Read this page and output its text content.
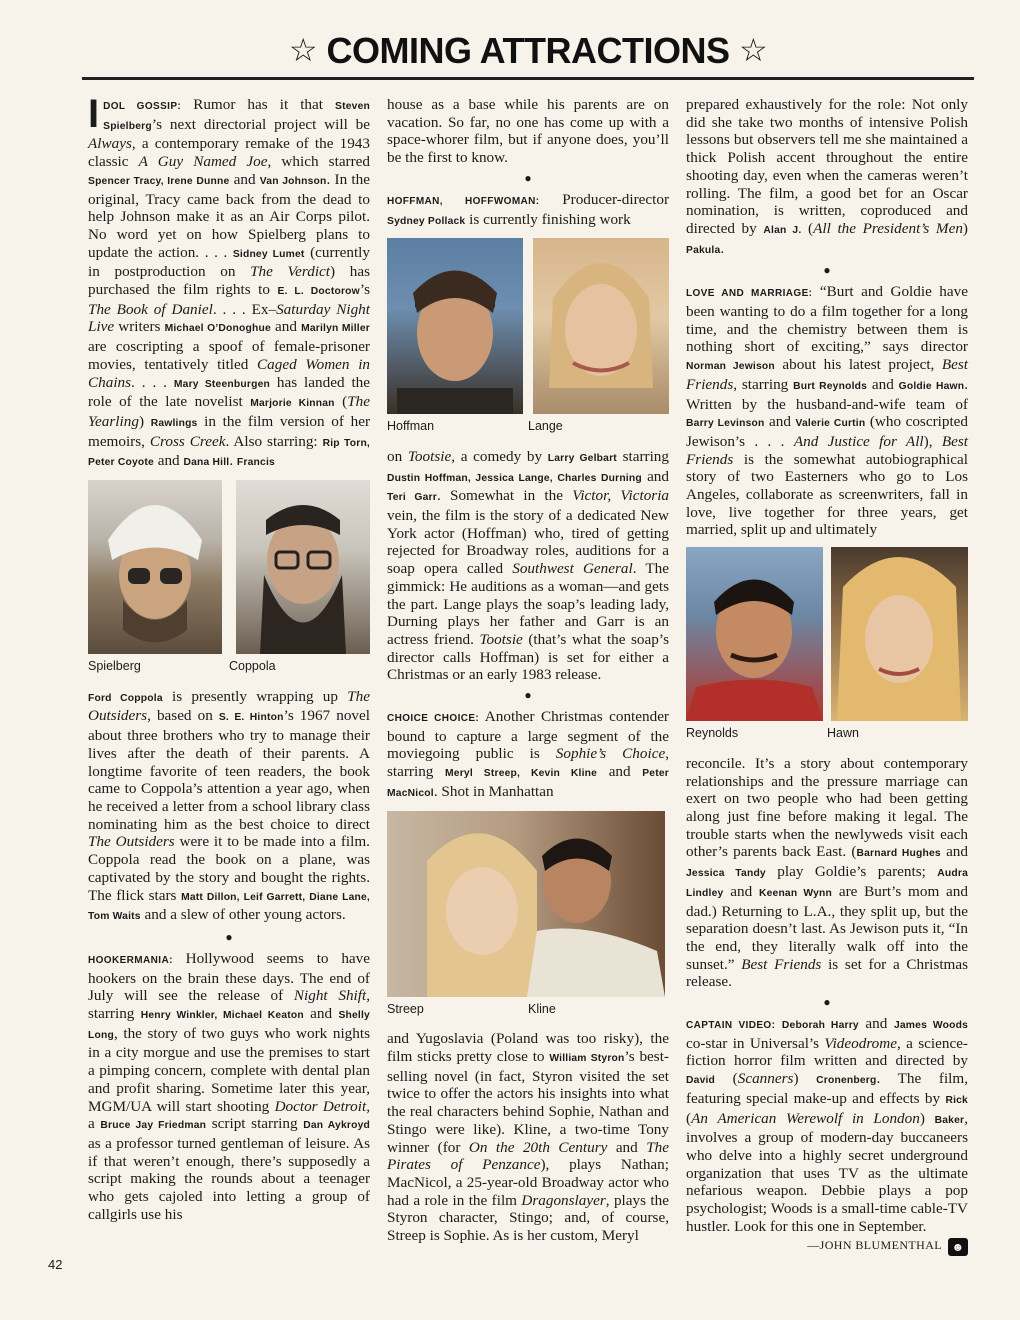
☆ COMING ATTRACTIONS ☆

IDOL GOSSIP: Rumor has it that Steven Spielberg’s next directorial project will be Always, a contemporary remake of the 1943 classic A Guy Named Joe, which starred Spencer Tracy, Irene Dunne and Van Johnson. In the original, Tracy came back from the dead to help Johnson make it as an Air Corps pilot. No word yet on how Spielberg plans to update the action. . . . Sidney Lumet (currently in postproduction on The Verdict) has purchased the film rights to E. L. Doctorow’s The Book of Daniel. . . . Ex–Saturday Night Live writers Michael O’Donoghue and Marilyn Miller are coscripting a spoof of female-prisoner movies, tentatively titled Caged Women in Chains. . . . Mary Steenburgen has landed the role of the late novelist Marjorie Kinnan (The Yearling) Rawlings in the film version of her memoirs, Cross Creek. Also starring: Rip Torn, Peter Coyote and Dana Hill. Francis

Spielberg	Coppola

Ford Coppola is presently wrapping up The Outsiders, based on S. E. Hinton’s 1967 novel about three brothers who try to manage their lives after the death of their parents. A longtime favorite of teen readers, the book came to Coppola’s attention a year ago, when he received a letter from a school library class nominating him as the best choice to direct The Outsiders were it to be made into a film. Coppola read the book on a plane, was captivated by the story and bought the rights. The flick stars Matt Dillon, Leif Garrett, Diane Lane, Tom Waits and a slew of other young actors.

●

HOOKERMANIA: Hollywood seems to have hookers on the brain these days. The end of July will see the release of Night Shift, starring Henry Winkler, Michael Keaton and Shelly Long, the story of two guys who work nights in a city morgue and use the premises to start a pimping concern, complete with dental plan and profit sharing. Sometime later this year, MGM/UA will start shooting Doctor Detroit, a Bruce Jay Friedman script starring Dan Aykroyd as a professor turned gentleman of leisure. As if that weren’t enough, there’s supposedly a script making the rounds about a teenager who gets cajoled into letting a group of callgirls use his

house as a base while his parents are on vacation. So far, no one has come up with a space-whorer film, but if anyone does, you’ll be the first to know.

●

HOFFMAN, HOFFWOMAN: Producer-director Sydney Pollack is currently finishing work

Hoffman	Lange

on Tootsie, a comedy by Larry Gelbart starring Dustin Hoffman, Jessica Lange, Charles Durning and Teri Garr. Somewhat in the Victor, Victoria vein, the film is the story of a dedicated New York actor (Hoffman) who, tired of getting rejected for Broadway roles, auditions for a soap opera called Southwest General. The gimmick: He auditions as a woman—and gets the part. Lange plays the soap’s leading lady, Durning plays her father and Garr is an actress friend. Tootsie (that’s what the soap’s director calls Hoffman) is set for either a Christmas or an early 1983 release.

●

CHOICE CHOICE: Another Christmas contender bound to capture a large segment of the moviegoing public is Sophie’s Choice, starring Meryl Streep, Kevin Kline and Peter MacNicol. Shot in Manhattan

Streep	Kline

and Yugoslavia (Poland was too risky), the film sticks pretty close to William Styron’s best-selling novel (in fact, Styron visited the set twice to offer the actors his insights into what the real characters behind Sophie, Nathan and Stingo were like). Kline, a two-time Tony winner (for On the 20th Century and The Pirates of Penzance), plays Nathan; MacNicol, a 25-year-old Broadway actor who had a role in the film Dragonslayer, plays the Styron character, Stingo; and, of course, Streep is Sophie. As is her custom, Meryl

prepared exhaustively for the role: Not only did she take two months of intensive Polish lessons but observers tell me she maintained a thick Polish accent throughout the entire shooting day, even when the cameras weren’t rolling. The film, a good bet for an Oscar nomination, is written, coproduced and directed by Alan J. (All the President’s Men) Pakula.

●

LOVE AND MARRIAGE: “Burt and Goldie have been wanting to do a film together for a long time, and the chemistry between them is nothing short of exciting,” says director Norman Jewison about his latest project, Best Friends, starring Burt Reynolds and Goldie Hawn. Written by the husband-and-wife team of Barry Levinson and Valerie Curtin (who coscripted Jewison’s . . . And Justice for All), Best Friends is the somewhat autobiographical story of two Easterners who go to Los Angeles, collaborate as screenwriters, fall in love, live together for three years, get married, split up and ultimately

Reynolds	Hawn

reconcile. It’s a story about contemporary relationships and the pressure marriage can exert on two people who had been getting along just fine before making it legal. The trouble starts when the newlyweds visit each other’s parents back East. (Barnard Hughes and Jessica Tandy play Goldie’s parents; Audra Lindley and Keenan Wynn are Burt’s mom and dad.) Returning to L.A., they split up, but the separation doesn’t last. As Jewison puts it, “In the end, they literally walk off into the sunset.” Best Friends is set for a Christmas release.

●

CAPTAIN VIDEO: Deborah Harry and James Woods co-star in Universal’s Videodrome, a science-fiction horror film written and directed by David (Scanners) Cronenberg. The film, featuring special make-up and effects by Rick (An American Werewolf in London) Baker, involves a group of modern-day buccaneers who delve into a highly secret underground organization that uses TV as the ultimate nefarious weapon. Debbie plays a pop psychologist; Woods is a small-time cable-TV hustler. Look for this one in September.

—JOHN BLUMENTHAL ☻
42
